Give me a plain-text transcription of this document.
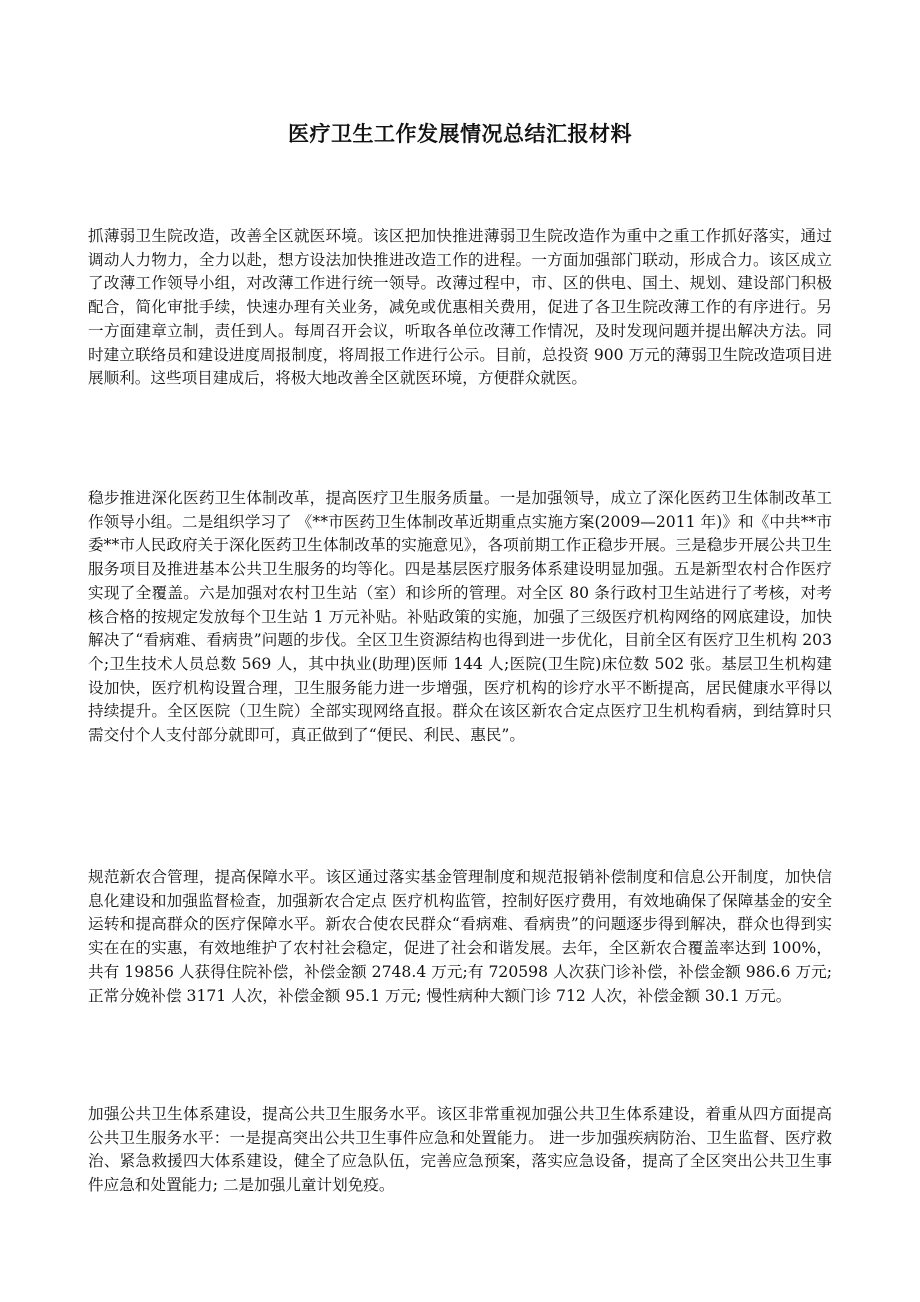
医疗卫生工作发展情况总结汇报材料

抓薄弱卫生院改造，改善全区就医环境。该区把加快推进薄弱卫生院改造作为重中之重工作抓好落实，通过调动人力物力，全力以赴，想方设法加快推进改造工作的进程。一方面加强部门联动，形成合力。该区成立了改薄工作领导小组，对改薄工作进行统一领导。改薄过程中，市、区的供电、国土、规划、建设部门积极配合，简化审批手续，快速办理有关业务，减免或优惠相关费用，促进了各卫生院改薄工作的有序进行。另一方面建章立制，责任到人。每周召开会议，听取各单位改薄工作情况，及时发现问题并提出解决方法。同时建立联络员和建设进度周报制度，将周报工作进行公示。目前，总投资 900 万元的薄弱卫生院改造项目进展顺利。这些项目建成后，将极大地改善全区就医环境，方便群众就医。

稳步推进深化医药卫生体制改革，提高医疗卫生服务质量。一是加强领导，成立了深化医药卫生体制改革工作领导小组。二是组织学习了 《**市医药卫生体制改革近期重点实施方案(2009—2011 年)》和《中共**市委**市人民政府关于深化医药卫生体制改革的实施意见》，各项前期工作正稳步开展。三是稳步开展公共卫生服务项目及推进基本公共卫生服务的均等化。四是基层医疗服务体系建设明显加强。五是新型农村合作医疗实现了全覆盖。六是加强对农村卫生站（室）和诊所的管理。对全区 80 条行政村卫生站进行了考核，对考核合格的按规定发放每个卫生站 1 万元补贴。补贴政策的实施，加强了三级医疗机构网络的网底建设，加快解决了“看病难、看病贵”问题的步伐。全区卫生资源结构也得到进一步优化，目前全区有医疗卫生机构 203 个;卫生技术人员总数 569 人，其中执业(助理)医师 144 人;医院(卫生院)床位数 502 张。基层卫生机构建设加快，医疗机构设置合理，卫生服务能力进一步增强，医疗机构的诊疗水平不断提高，居民健康水平得以持续提升。全区医院（卫生院）全部实现网络直报。群众在该区新农合定点医疗卫生机构看病，到结算时只需交付个人支付部分就即可，真正做到了“便民、利民、惠民”。

规范新农合管理，提高保障水平。该区通过落实基金管理制度和规范报销补偿制度和信息公开制度，加快信息化建设和加强监督检查，加强新农合定点 医疗机构监管，控制好医疗费用，有效地确保了保障基金的安全运转和提高群众的医疗保障水平。新农合使农民群众“看病难、看病贵”的问题逐步得到解决，群众也得到实实在在的实惠，有效地维护了农村社会稳定，促进了社会和谐发展。去年，全区新农合覆盖率达到 100%，共有 19856 人获得住院补偿，补偿金额 2748.4 万元;有 720598 人次获门诊补偿，补偿金额 986.6 万元; 正常分娩补偿 3171 人次，补偿金额 95.1 万元; 慢性病种大额门诊 712 人次，补偿金额 30.1 万元。

加强公共卫生体系建设，提高公共卫生服务水平。该区非常重视加强公共卫生体系建设，着重从四方面提高公共卫生服务水平：一是提高突出公共卫生事件应急和处置能力。 进一步加强疾病防治、卫生监督、医疗救治、紧急救援四大体系建设，健全了应急队伍，完善应急预案，落实应急设备，提高了全区突出公共卫生事件应急和处置能力; 二是加强儿童计划免疫。
